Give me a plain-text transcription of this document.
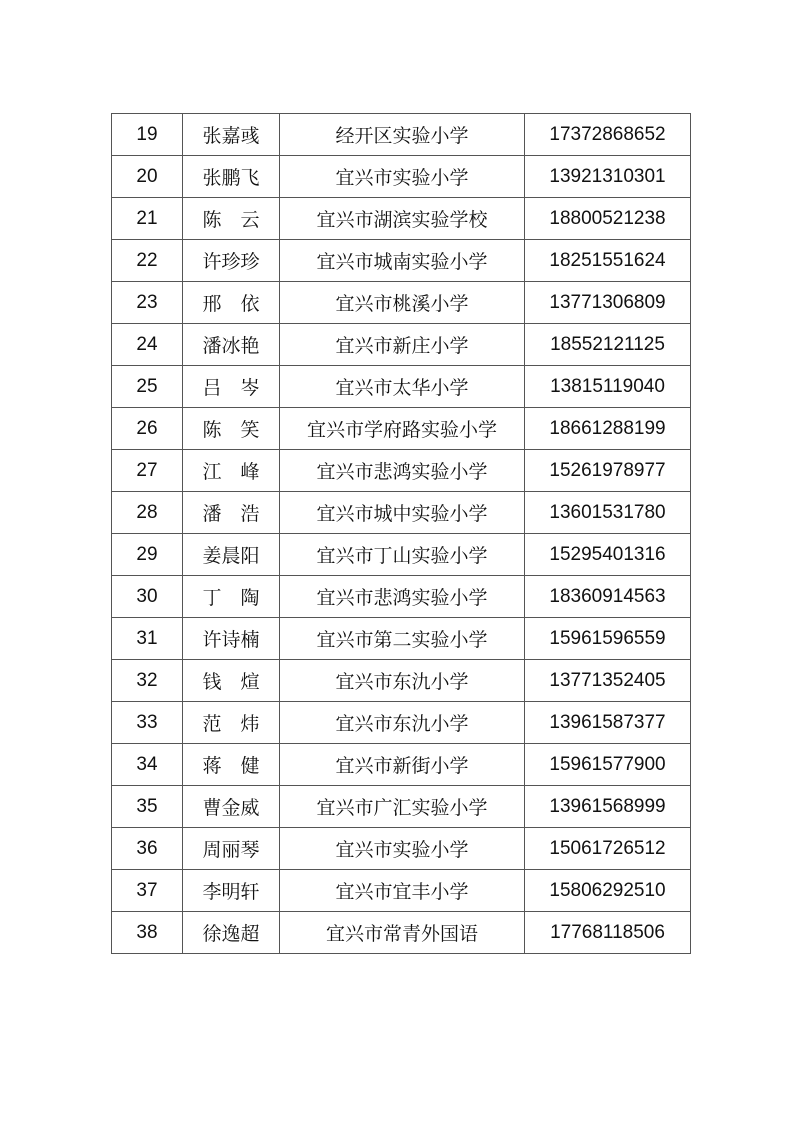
19	张嘉彧	经开区实验小学	17372868652
20	张鹏飞	宜兴市实验小学	13921310301
21	陈　云	宜兴市湖滨实验学校	18800521238
22	许珍珍	宜兴市城南实验小学	18251551624
23	邢　依	宜兴市桃溪小学	13771306809
24	潘冰艳	宜兴市新庄小学	18552121125
25	吕　岑	宜兴市太华小学	13815119040
26	陈　笑	宜兴市学府路实验小学	18661288199
27	江　峰	宜兴市悲鸿实验小学	15261978977
28	潘　浩	宜兴市城中实验小学	13601531780
29	姜晨阳	宜兴市丁山实验小学	15295401316
30	丁　陶	宜兴市悲鸿实验小学	18360914563
31	许诗楠	宜兴市第二实验小学	15961596559
32	钱　煊	宜兴市东氿小学	13771352405
33	范　炜	宜兴市东氿小学	13961587377
34	蒋　健	宜兴市新街小学	15961577900
35	曹金威	宜兴市广汇实验小学	13961568999
36	周丽琴	宜兴市实验小学	15061726512
37	李明轩	宜兴市宜丰小学	15806292510
38	徐逸超	宜兴市常青外国语	17768118506
